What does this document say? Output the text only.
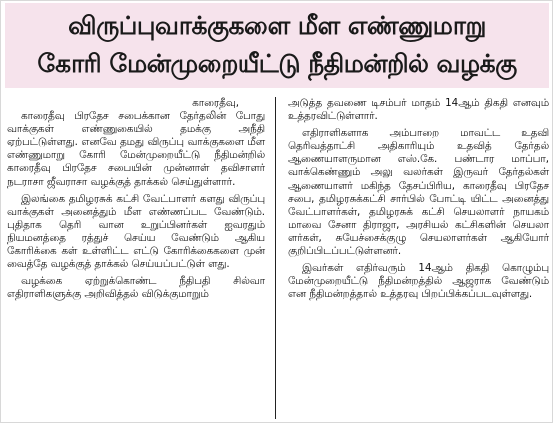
விருப்புவாக்குகளை மீள எண்ணுமாறு
கோரி மேன்முறையீட்டு நீதிமன்றில் வழக்கு

காரைதீவு,

காரைதீவு பிரதேச சபைக்கான தேர்தலின் போது வாக்குகள் எண்ணுகையில் தமக்கு அநீதி ஏற்பட்டுள்ளது. எனவே தமது விருப்பு வாக்குகளை மீள எண்ணுமாறு கோரி மேன்முறையீட்டு நீதிமன்றில் காரைதீவு பிரதேச சபையின் முன்னாள் தவிசாளர் நடராசா ஜீவராசா வழக்குத் தாக்கல் செய்துள்ளார்.

இலங்கை தமிழரசுக் கட்சி வேட்பாளர் களது விருப்பு வாக்குகள் அனைத்தும் மீள எண்ணப்பட வேண்டும். புதிதாக தெரி வான உறுப்பினர்கள் ஐவரதும் நியமனத்தை ரத்துச் செய்ய வேண்டும் ஆகிய கோரிக்கை கள் உள்ளிட்ட எட்டு கோரிக்கைகளை முன் வைத்தே வழக்குத் தாக்கல் செய்யப்பட்டுள் ளது.

வழக்கை ஏற்றுக்கொண்ட நீதிபதி சில்வா எதிராளிகளுக்கு அறிவித்தல் விடுக்குமாறும்

அடுத்த தவணை டிசம்பர் மாதம் 14ஆம் திகதி எனவும் உத்தரவிட்டுள்ளார்.

எதிராளிகளாக அம்பாறை மாவட்ட உதவி தெரிவத்தாட்சி அதிகாரியும் உதவித் தேர்தல் ஆணையாளருமான எஸ்.கே. பண்டார மாப்பா, வாக்கெண்ணும் அலு வலர்கள் இருவர் தேர்தல்கள் ஆணையாளர் மகிந்த தேசப்பிரிய, காரைதீவு பிரதேச சபை, தமிழரசுக்கட்சி சார்பில் போட்டி யிட்ட அனைத்து வேட்பாளர்கள், தமிழரசுக் கட்சி செயலாளர் நாயகம் மாவை சேனா திராஜா, அரசியல் கட்சிகளின் செயலா ளர்கள், சுயேச்சைக்குழு செயலாளர்கள் ஆகியோர் குறிப்பிடப்பட்டுள்ளனர்.

இவர்கள் எதிர்வரும் 14ஆம் திகதி கொழும்பு மேன்முறையீட்டு நீதிமன்றத்தில் ஆஜராக வேண்டும் என நீதிமன்றத்தால் உத்தரவு பிறப்பிக்கப்படவுள்ளது.
